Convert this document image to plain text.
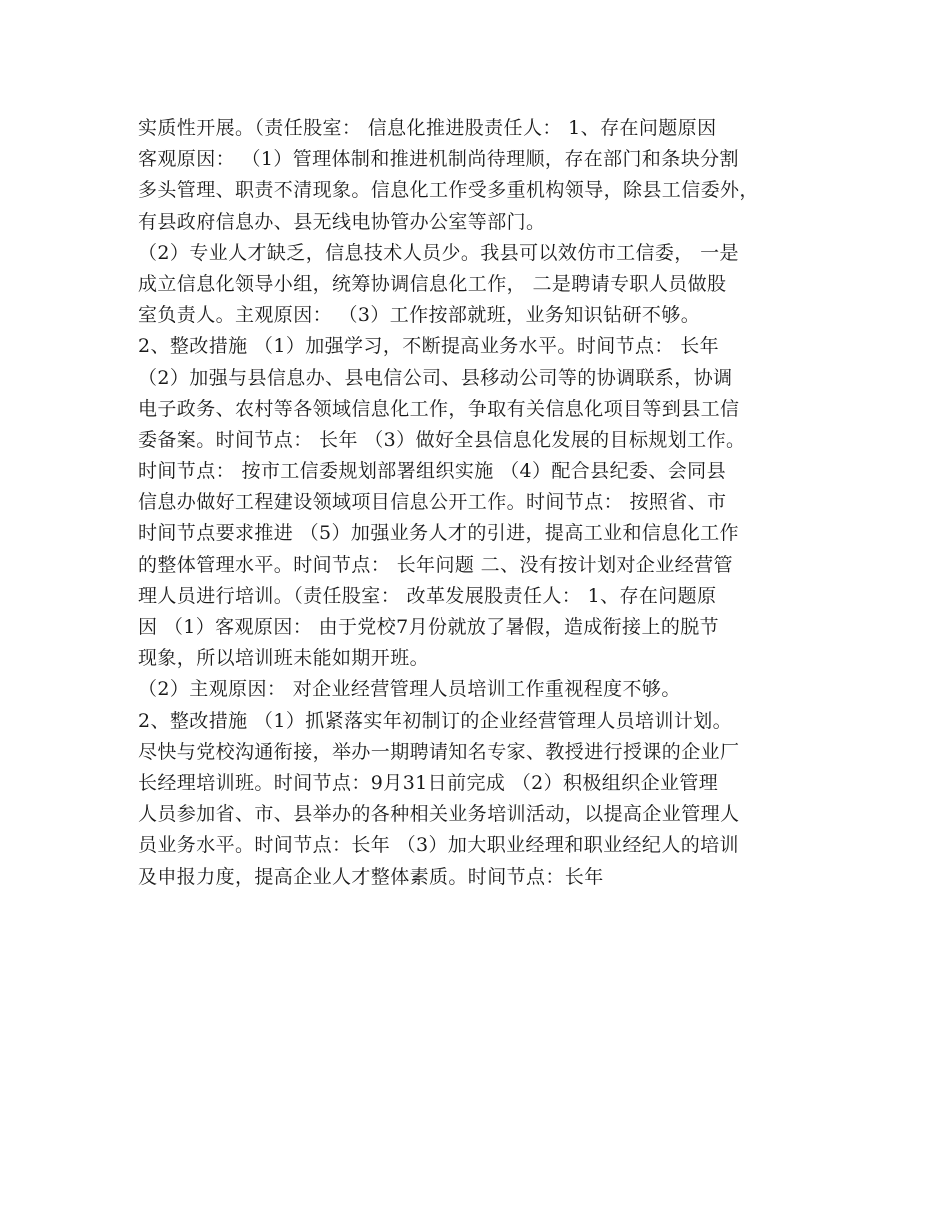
实质性开展。（责任股室： 信息化推进股责任人： 1、存在问题原因
客观原因： （1）管理体制和推进机制尚待理顺，存在部门和条块分割
多头管理、职责不清现象。信息化工作受多重机构领导，除县工信委外，
有县政府信息办、县无线电协管办公室等部门。
（2）专业人才缺乏，信息技术人员少。我县可以效仿市工信委， 一是
成立信息化领导小组，统筹协调信息化工作， 二是聘请专职人员做股
室负责人。主观原因： （3）工作按部就班，业务知识钻研不够。
2、整改措施 （1）加强学习，不断提高业务水平。时间节点： 长年
（2）加强与县信息办、县电信公司、县移动公司等的协调联系，协调
电子政务、农村等各领域信息化工作，争取有关信息化项目等到县工信
委备案。时间节点： 长年 （3）做好全县信息化发展的目标规划工作。
时间节点： 按市工信委规划部署组织实施 （4）配合县纪委、会同县
信息办做好工程建设领域项目信息公开工作。时间节点： 按照省、市
时间节点要求推进 （5）加强业务人才的引进，提高工业和信息化工作
的整体管理水平。时间节点： 长年问题 二、没有按计划对企业经营管
理人员进行培训。（责任股室： 改革发展股责任人： 1、存在问题原
因 （1）客观原因： 由于党校7月份就放了暑假，造成衔接上的脱节
现象，所以培训班未能如期开班。
（2）主观原因： 对企业经营管理人员培训工作重视程度不够。
2、整改措施 （1）抓紧落实年初制订的企业经营管理人员培训计划。
尽快与党校沟通衔接，举办一期聘请知名专家、教授进行授课的企业厂
长经理培训班。时间节点：9月31日前完成 （2）积极组织企业管理
人员参加省、市、县举办的各种相关业务培训活动，以提高企业管理人
员业务水平。时间节点：长年 （3）加大职业经理和职业经纪人的培训
及申报力度，提高企业人才整体素质。时间节点：长年
